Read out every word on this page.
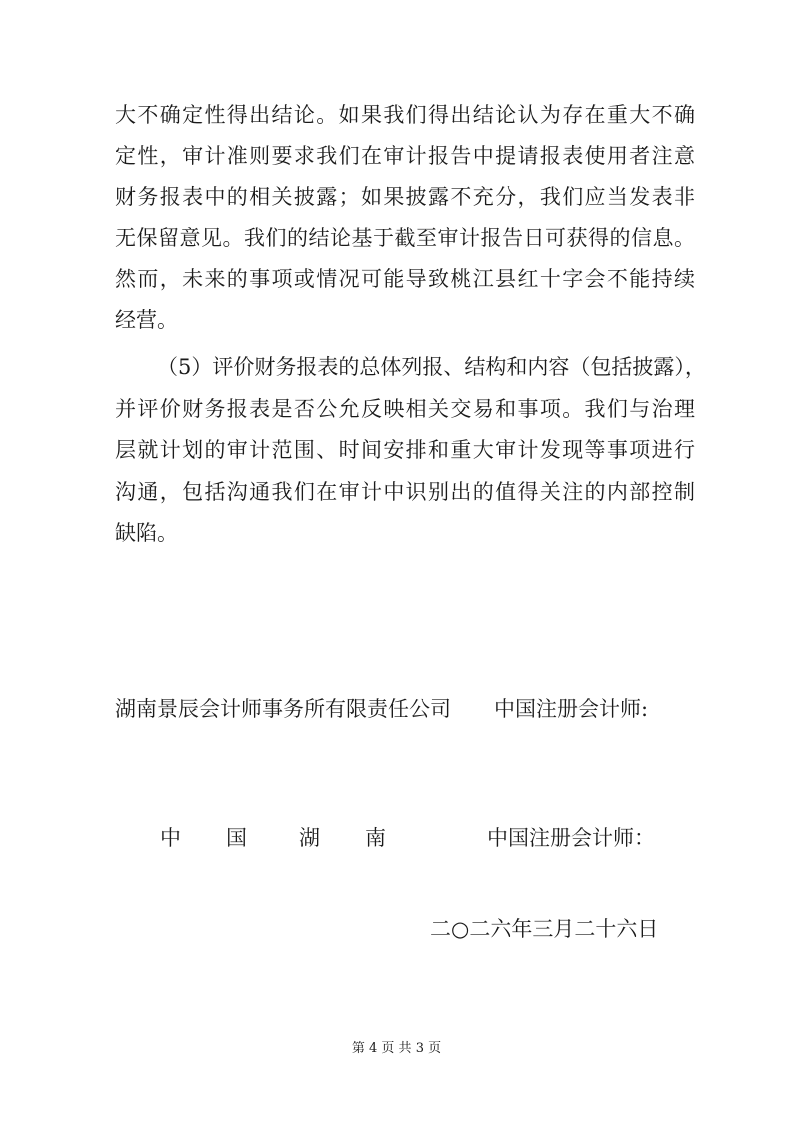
大不确定性得出结论。如果我们得出结论认为存在重大不确
定性，审计准则要求我们在审计报告中提请报表使用者注意
财务报表中的相关披露；如果披露不充分，我们应当发表非
无保留意见。我们的结论基于截至审计报告日可获得的信息。
然而，未来的事项或情况可能导致桃江县红十字会不能持续
经营。
（5）评价财务报表的总体列报、结构和内容（包括披露），
并评价财务报表是否公允反映相关交易和事项。我们与治理
层就计划的审计范围、时间安排和重大审计发现等事项进行
沟通，包括沟通我们在审计中识别出的值得关注的内部控制
缺陷。
湖南景辰会计师事务所有限责任公司 中国注册会计师:
中　　国 湖　　南	中国注册会计师：
二○二六年三月二十六日
第 4 页 共 3 页
